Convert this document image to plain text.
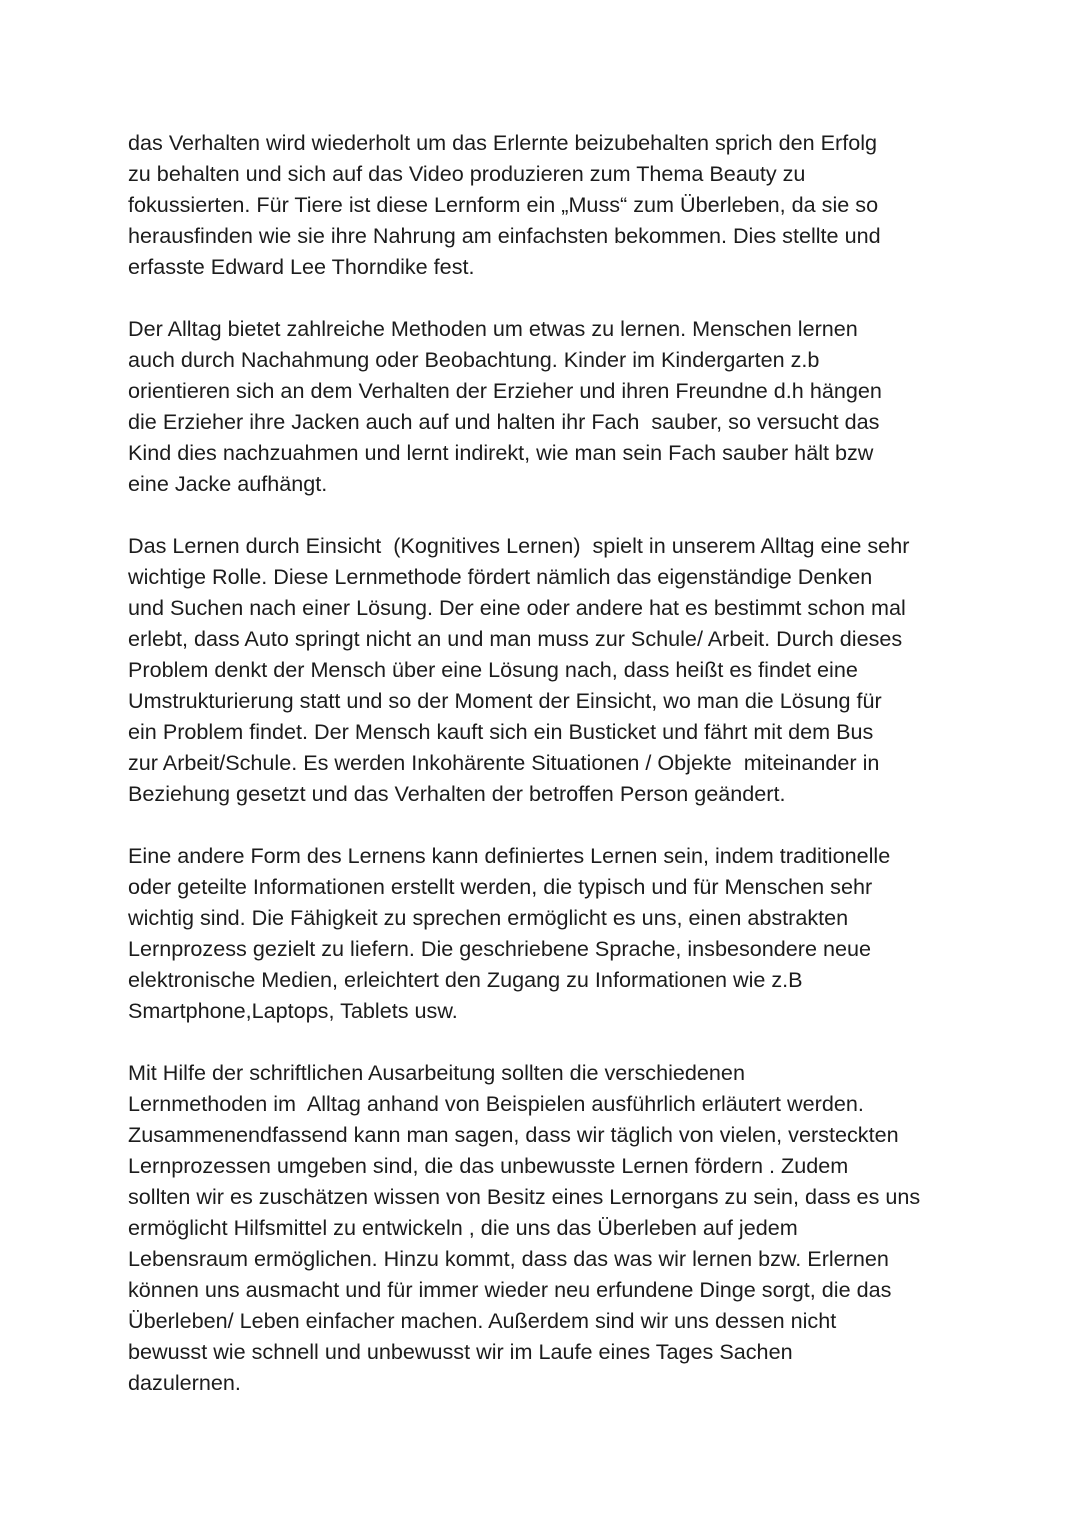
das Verhalten wird wiederholt um das Erlernte beizubehalten sprich den Erfolg
zu behalten und sich auf das Video produzieren zum Thema Beauty zu
fokussierten. Für Tiere ist diese Lernform ein „Muss“ zum Überleben, da sie so
herausfinden wie sie ihre Nahrung am einfachsten bekommen. Dies stellte und
erfasste Edward Lee Thorndike fest.

Der Alltag bietet zahlreiche Methoden um etwas zu lernen. Menschen lernen
auch durch Nachahmung oder Beobachtung. Kinder im Kindergarten z.b
orientieren sich an dem Verhalten der Erzieher und ihren Freundne d.h hängen
die Erzieher ihre Jacken auch auf und halten ihr Fach  sauber, so versucht das
Kind dies nachzuahmen und lernt indirekt, wie man sein Fach sauber hält bzw
eine Jacke aufhängt.

Das Lernen durch Einsicht  (Kognitives Lernen)  spielt in unserem Alltag eine sehr
wichtige Rolle. Diese Lernmethode fördert nämlich das eigenständige Denken
und Suchen nach einer Lösung. Der eine oder andere hat es bestimmt schon mal
erlebt, dass Auto springt nicht an und man muss zur Schule/ Arbeit. Durch dieses
Problem denkt der Mensch über eine Lösung nach, dass heißt es findet eine
Umstrukturierung statt und so der Moment der Einsicht, wo man die Lösung für
ein Problem findet. Der Mensch kauft sich ein Busticket und fährt mit dem Bus
zur Arbeit/Schule. Es werden Inkohärente Situationen / Objekte  miteinander in
Beziehung gesetzt und das Verhalten der betroffen Person geändert.

Eine andere Form des Lernens kann definiertes Lernen sein, indem traditionelle
oder geteilte Informationen erstellt werden, die typisch und für Menschen sehr
wichtig sind. Die Fähigkeit zu sprechen ermöglicht es uns, einen abstrakten
Lernprozess gezielt zu liefern. Die geschriebene Sprache, insbesondere neue
elektronische Medien, erleichtert den Zugang zu Informationen wie z.B
Smartphone,Laptops, Tablets usw.

Mit Hilfe der schriftlichen Ausarbeitung sollten die verschiedenen
Lernmethoden im  Alltag anhand von Beispielen ausführlich erläutert werden.
Zusammenendfassend kann man sagen, dass wir täglich von vielen, versteckten
Lernprozessen umgeben sind, die das unbewusste Lernen fördern . Zudem
sollten wir es zuschätzen wissen von Besitz eines Lernorgans zu sein, dass es uns
ermöglicht Hilfsmittel zu entwickeln , die uns das Überleben auf jedem
Lebensraum ermöglichen. Hinzu kommt, dass das was wir lernen bzw. Erlernen
können uns ausmacht und für immer wieder neu erfundene Dinge sorgt, die das
Überleben/ Leben einfacher machen. Außerdem sind wir uns dessen nicht
bewusst wie schnell und unbewusst wir im Laufe eines Tages Sachen
dazulernen.
